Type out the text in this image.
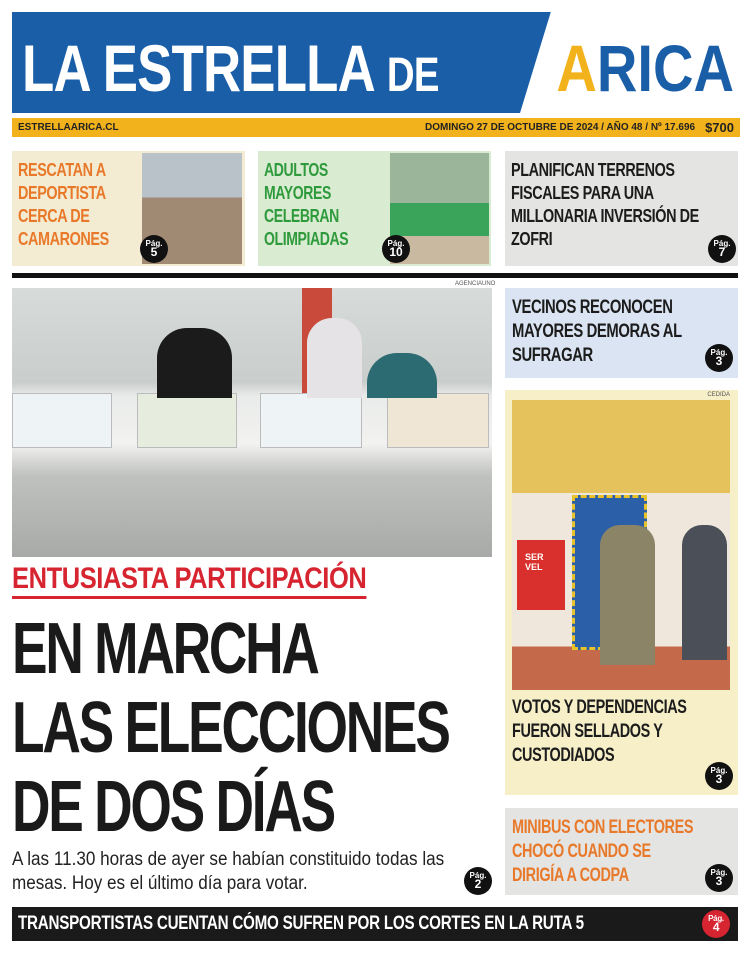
LA ESTRELLA DE ARICA
ESTRELLAARICA.CL	DOMINGO 27 DE OCTUBRE DE 2024 / AÑO 48 / Nº 17.696 $700
RESCATAN A DEPORTISTA CERCA DE CAMARONES	Pág.
5
ADULTOS MAYORES CELEBRAN OLIMPIADAS	Pág.
10
PLANIFICAN TERRENOS FISCALES PARA UNA MILLONARIA INVERSIÓN DE ZOFRI	Pág.
7
AGENCIAUNO
ENTUSIASTA PARTICIPACIÓN
EN MARCHA
LAS ELECCIONES
DE DOS DÍAS
A las 11.30 horas de ayer se habían constituido todas las mesas. Hoy es el último día para votar.	Pág.
2
VECINOS RECONOCEN MAYORES DEMORAS AL SUFRAGAR	Pág.
3
CEDIDA
SER VEL
VOTOS Y DEPENDENCIAS FUERON SELLADOS Y CUSTODIADOS
Pág.
3
MINIBUS CON ELECTORES CHOCÓ CUANDO SE DIRIGÍA A CODPA	Pág.
3
TRANSPORTISTAS CUENTAN CÓMO SUFREN POR LOS CORTES EN LA RUTA 5	Pág.
4
